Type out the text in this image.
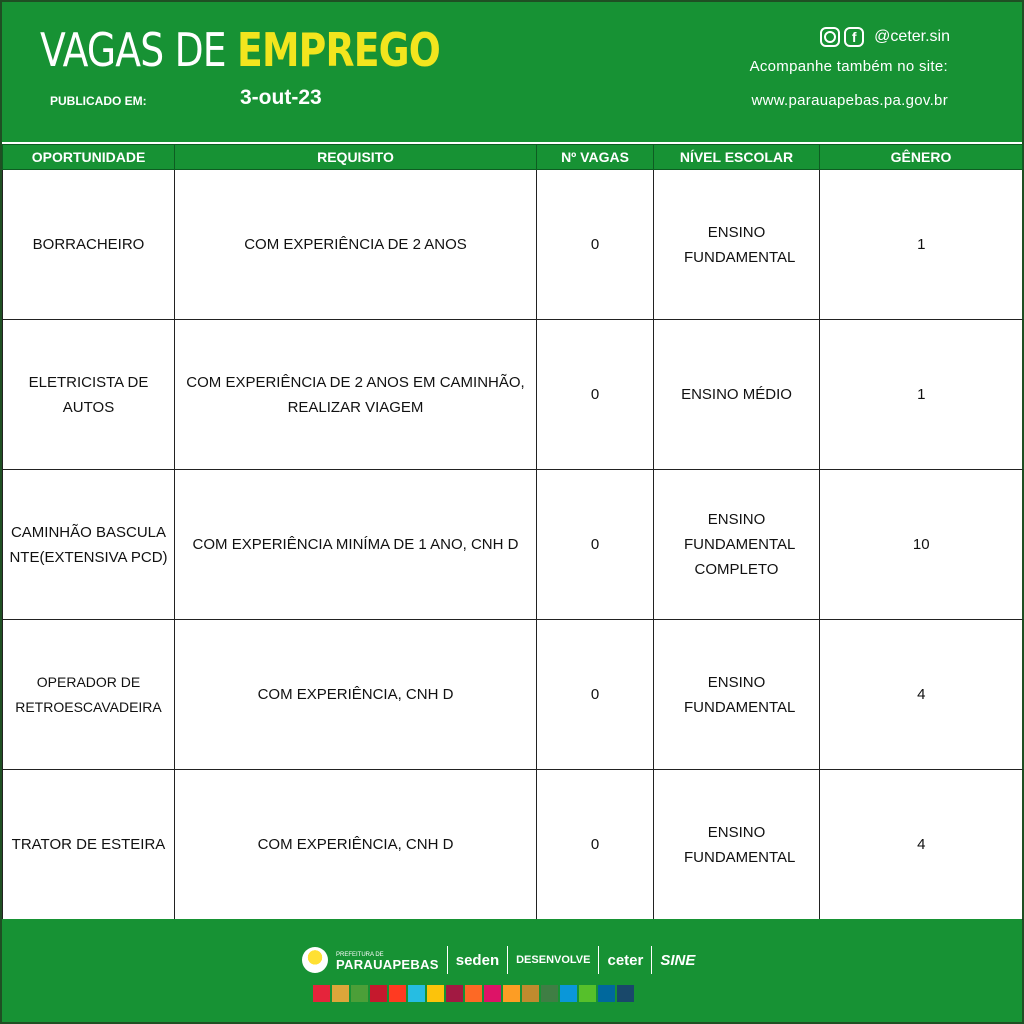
VAGAS DE EMPREGO
PUBLICADO EM:	3-out-23
f	@ceter.sin
Acompanhe também no site:
www.parauapebas.pa.gov.br
OPORTUNIDADE	REQUISITO	Nº VAGAS	NÍVEL ESCOLAR	GÊNERO
BORRACHEIRO	COM EXPERIÊNCIA DE 2 ANOS	0	ENSINO FUNDAMENTAL	1
ELETRICISTA DE AUTOS	COM EXPERIÊNCIA DE 2 ANOS EM CAMINHÃO, REALIZAR VIAGEM	0	ENSINO MÉDIO	1
CAMINHÃO BASCULANTE(EXTENSIVA PCD)	COM EXPERIÊNCIA MINÍMA DE 1 ANO, CNH D	0	ENSINO FUNDAMENTAL COMPLETO	10
OPERADOR DE RETROESCAVADEIRA	COM EXPERIÊNCIA, CNH D	0	ENSINO FUNDAMENTAL	4
TRATOR DE ESTEIRA	COM EXPERIÊNCIA, CNH D	0	ENSINO FUNDAMENTAL	4
PREFEITURA DE
PARAUAPEBAS seden DESENVOLVE ceter SINE
